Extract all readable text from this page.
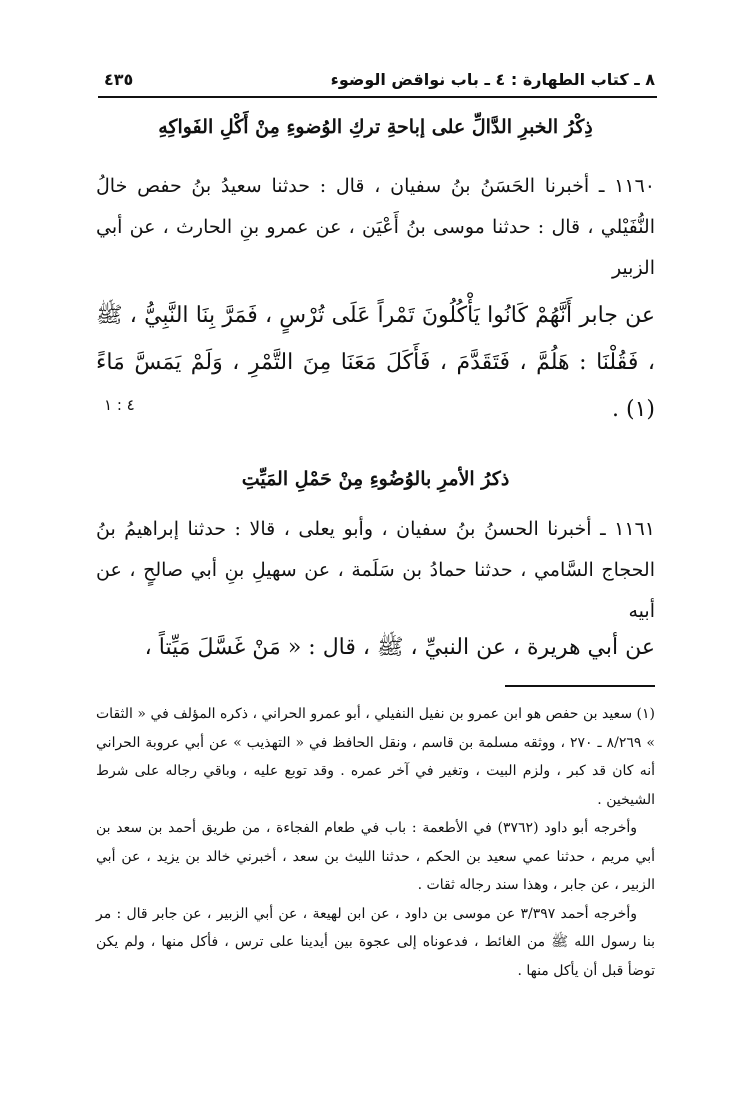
٨ ـ كتاب الطهارة : ٤ ـ باب نواقض الوضوء
٤٣٥
ذِكْرُ الخبرِ الدَّالِّ على إباحةِ تركِ الوُضوءِ مِنْ أَكْلِ الفَواكِهِ
١١٦٠ ـ أخبرنا الحَسَنُ بنُ سفيان ، قال : حدثنا سعيدُ بنُ حفص خالُ النُّفَيْلي ، قال : حدثنا موسى بنُ أَعْيَن ، عن عمرو بنِ الحارث ، عن أبي الزبير
عن جابر أَنَّهُمْ كَانُوا يَأْكُلُونَ تَمْراً عَلَى تُرْسٍ ، فَمَرَّ بِنَا النَّبِيُّ ، ﷺ ، فَقُلْنَا : هَلُمَّ ، فَتَقَدَّمَ ، فَأَكَلَ مَعَنَا مِنَ التَّمْرِ ، وَلَمْ يَمَسَّ مَاءً (١) .
٤ : ١
ذكرُ الأمرِ بالوُضُوءِ مِنْ حَمْلِ المَيِّتِ
١١٦١ ـ أخبرنا الحسنُ بنُ سفيان ، وأبو يعلى ، قالا : حدثنا إبراهيمُ بنُ الحجاج السَّامي ، حدثنا حمادُ بن سَلَمة ، عن سهيلِ بنِ أبي صالحٍ ، عن أبيه
عن أبي هريرة ، عن النبيِّ ، ﷺ ، قال : « مَنْ غَسَّلَ مَيِّتاً ،

(١) سعيد بن حفص هو ابن عمرو بن نفيل النفيلي ، أبو عمرو الحراني ، ذكره المؤلف في « الثقات » ٨/٢٦٩ ـ ٢٧٠ ، ووثقه مسلمة بن قاسم ، ونقل الحافظ في « التهذيب » عن أبي عروبة الحراني أنه كان قد كبر ، ولزم البيت ، وتغير في آخر عمره . وقد توبع عليه ، وباقي رجاله على شرط الشيخين .

وأخرجه أبو داود (٣٧٦٢) في الأطعمة : باب في طعام الفجاءة ، من طريق أحمد بن سعد بن أبي مريم ، حدثنا عمي سعيد بن الحكم ، حدثنا الليث بن سعد ، أخبرني خالد بن يزيد ، عن أبي الزبير ، عن جابر ، وهذا سند رجاله ثقات .

وأخرجه أحمد ٣/٣٩٧ عن موسى بن داود ، عن ابن لهيعة ، عن أبي الزبير ، عن جابر قال : مر بنا رسول الله ﷺ من الغائط ، فدعوناه إلى عجوة بين أيدينا على ترس ، فأكل منها ، ولم يكن توضأ قبل أن يأكل منها .
